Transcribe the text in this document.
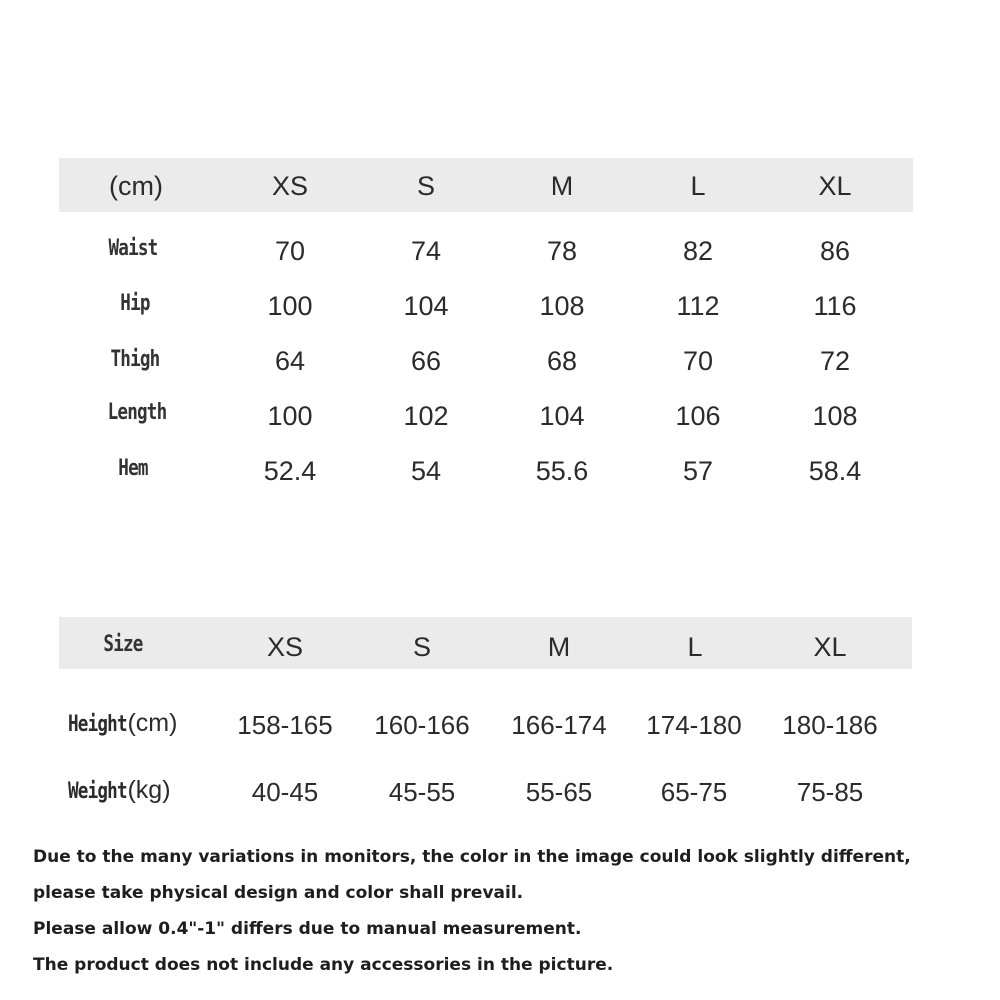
(cm)	XS	S	M	L	XL
Waist	70	74	78	82	86
Hip	100	104	108	112	116
Thigh	64	66	68	70	72
Length	100	102	104	106	108
Hem	52.4	54	55.6	57	58.4
Size	XS	S	M	L	XL
Height(cm)	158-165	160-166	166-174	174-180	180-186
Weight(kg)	40-45	45-55	55-65	65-75	75-85
Due to the many variations in monitors, the color in the image could look slightly different,
please take physical design and color shall prevail.
Please allow 0.4"-1" differs due to manual measurement.
The product does not include any accessories in the picture.
